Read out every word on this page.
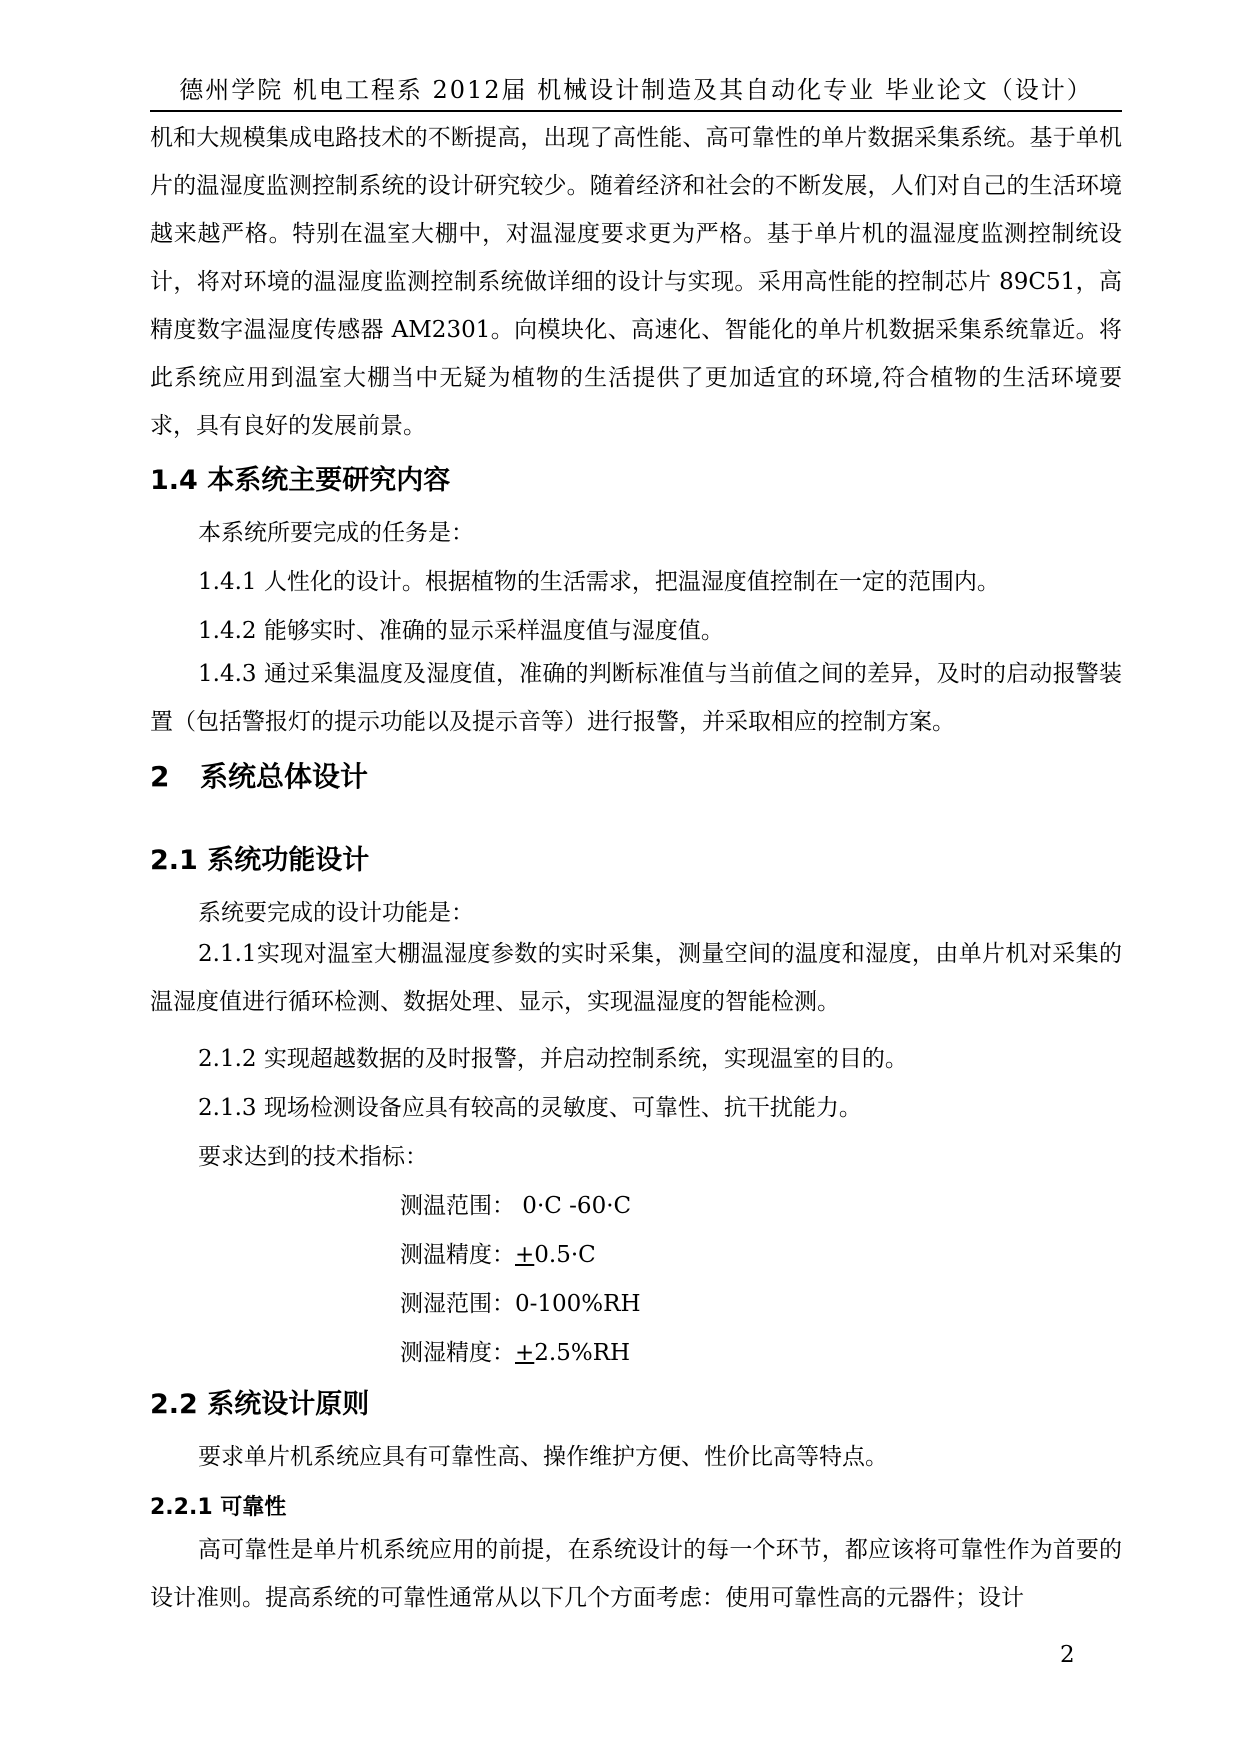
德州学院 机电工程系 2012届 机械设计制造及其自动化专业 毕业论文（设计）

机和大规模集成电路技术的不断提高，出现了高性能、高可靠性的单片数据采集系统。基于单机片的温湿度监测控制系统的设计研究较少。随着经济和社会的不断发展，人们对自己的生活环境越来越严格。特别在温室大棚中，对温湿度要求更为严格。基于单片机的温湿度监测控制统设计，将对环境的温湿度监测控制系统做详细的设计与实现。采用高性能的控制芯片 89C51，高精度数字温湿度传感器 AM2301。向模块化、高速化、智能化的单片机数据采集系统靠近。将此系统应用到温室大棚当中无疑为植物的生活提供了更加适宜的环境,符合植物的生活环境要求，具有良好的发展前景。

1.4 本系统主要研究内容

本系统所要完成的任务是：

1.4.1 人性化的设计。根据植物的生活需求，把温湿度值控制在一定的范围内。

1.4.2 能够实时、准确的显示采样温度值与湿度值。

1.4.3 通过采集温度及湿度值，准确的判断标准值与当前值之间的差异，及时的启动报警装置（包括警报灯的提示功能以及提示音等）进行报警，并采取相应的控制方案。

2 系统总体设计
2.1 系统功能设计

系统要完成的设计功能是：

2.1.1实现对温室大棚温湿度参数的实时采集，测量空间的温度和湿度，由单片机对采集的温湿度值进行循环检测、数据处理、显示，实现温湿度的智能检测。

2.1.2 实现超越数据的及时报警，并启动控制系统，实现温室的目的。

2.1.3 现场检测设备应具有较高的灵敏度、可靠性、抗干扰能力。

要求达到的技术指标：

测温范围： 0·C -60·C

测温精度：+0.5·C

测湿范围：0-100%RH

测湿精度：+2.5%RH

2.2 系统设计原则

要求单片机系统应具有可靠性高、操作维护方便、性价比高等特点。

2.2.1 可靠性

高可靠性是单片机系统应用的前提，在系统设计的每一个环节，都应该将可靠性作为首要的设计准则。提高系统的可靠性通常从以下几个方面考虑：使用可靠性高的元器件；设计

2
